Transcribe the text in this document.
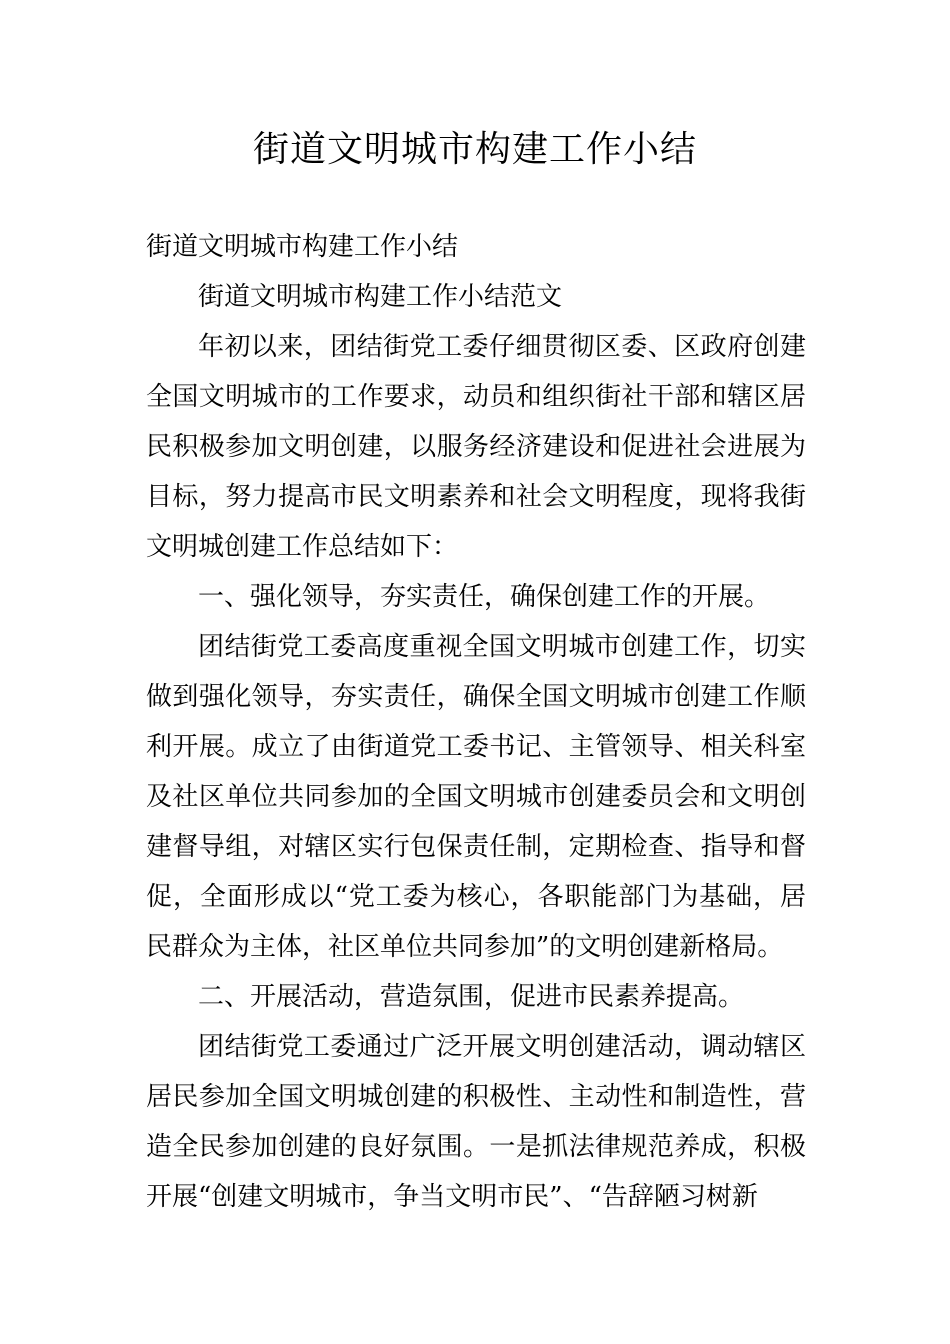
街道文明城市构建工作小结

街道文明城市构建工作小结

街道文明城市构建工作小结范文

年初以来，团结街党工委仔细贯彻区委、区政府创建全国文明城市的工作要求，动员和组织街社干部和辖区居民积极参加文明创建，以服务经济建设和促进社会进展为目标，努力提高市民文明素养和社会文明程度，现将我街文明城创建工作总结如下：

一、强化领导，夯实责任，确保创建工作的开展。

团结街党工委高度重视全国文明城市创建工作，切实做到强化领导，夯实责任，确保全国文明城市创建工作顺利开展。成立了由街道党工委书记、主管领导、相关科室及社区单位共同参加的全国文明城市创建委员会和文明创建督导组，对辖区实行包保责任制，定期检查、指导和督促，全面形成以“党工委为核心，各职能部门为基础，居民群众为主体，社区单位共同参加”的文明创建新格局。

二、开展活动，营造氛围，促进市民素养提高。

团结街党工委通过广泛开展文明创建活动，调动辖区居民参加全国文明城创建的积极性、主动性和制造性，营造全民参加创建的良好氛围。一是抓法律规范养成，积极开展“创建文明城市，争当文明市民”、“告辞陋习树新
